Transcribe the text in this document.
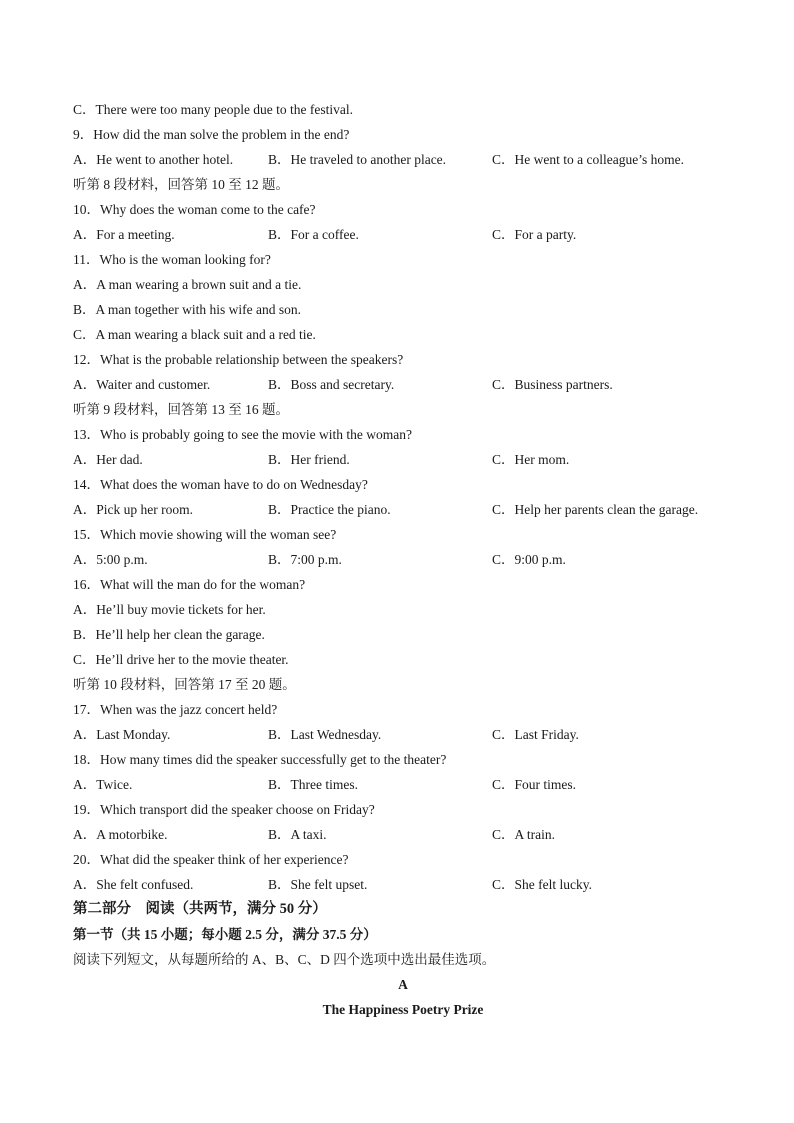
C．There were too many people due to the festival.
9．How did the man solve the problem in the end?
A．He went to another hotel.	B．He traveled to another place.	C．He went to a colleague’s home.
听第 8 段材料，回答第 10 至 12 题。
10．Why does the woman come to the cafe?
A．For a meeting.	B．For a coffee.	C．For a party.
11．Who is the woman looking for?
A．A man wearing a brown suit and a tie.
B．A man together with his wife and son.
C．A man wearing a black suit and a red tie.
12．What is the probable relationship between the speakers?
A．Waiter and customer.	B．Boss and secretary.	C．Business partners.
听第 9 段材料，回答第 13 至 16 题。
13．Who is probably going to see the movie with the woman?
A．Her dad.	B．Her friend.	C．Her mom.
14．What does the woman have to do on Wednesday?
A．Pick up her room.	B．Practice the piano.	C．Help her parents clean the garage.
15．Which movie showing will the woman see?
A．5:00 p.m.	B．7:00 p.m.	C．9:00 p.m.
16．What will the man do for the woman?
A．He’ll buy movie tickets for her.
B．He’ll help her clean the garage.
C．He’ll drive her to the movie theater.
听第 10 段材料，回答第 17 至 20 题。
17．When was the jazz concert held?
A．Last Monday.	B．Last Wednesday.	C．Last Friday.
18．How many times did the speaker successfully get to the theater?
A．Twice.	B．Three times.	C．Four times.
19．Which transport did the speaker choose on Friday?
A．A motorbike.	B．A taxi.	C．A train.
20．What did the speaker think of her experience?
A．She felt confused.	B．She felt upset.	C．She felt lucky.
第二部分　阅读（共两节，满分 50 分）
第一节（共 15 小题；每小题 2.5 分，满分 37.5 分）
阅读下列短文，从每题所给的 A、B、C、D 四个选项中选出最佳选项。
A
The Happiness Poetry Prize
